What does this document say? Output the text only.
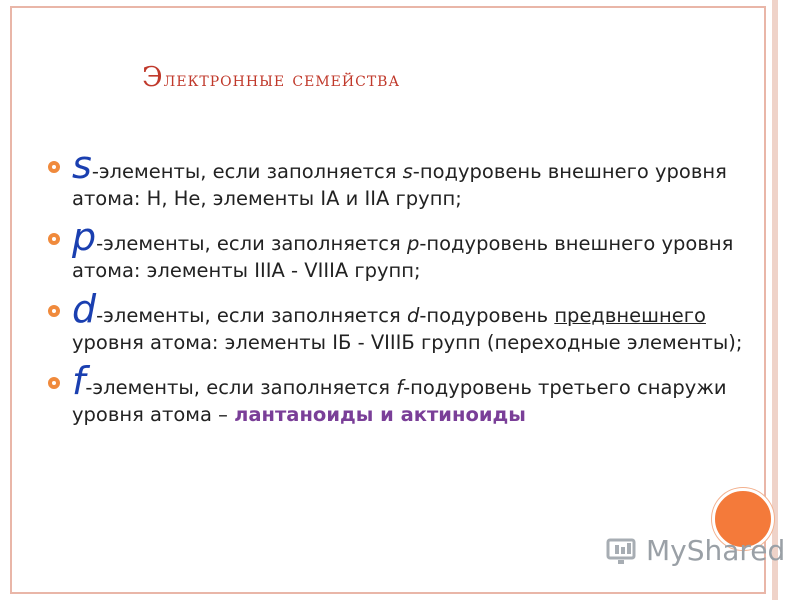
Электронные семейства
s-элементы, если заполняется s-подуровень внешнего уровня атома: H, He, элементы IA и IIA групп;
p-элементы, если заполняется p-подуровень внешнего уровня атома: элементы IIIA - VIIIA групп;
d-элементы, если заполняется d-подуровень предвнешнего уровня атома: элементы IБ - VIIIБ групп (переходные элементы);
f-элементы, если заполняется f-подуровень третьего снаружи уровня атома – лантаноиды и актиноиды
MyShared
